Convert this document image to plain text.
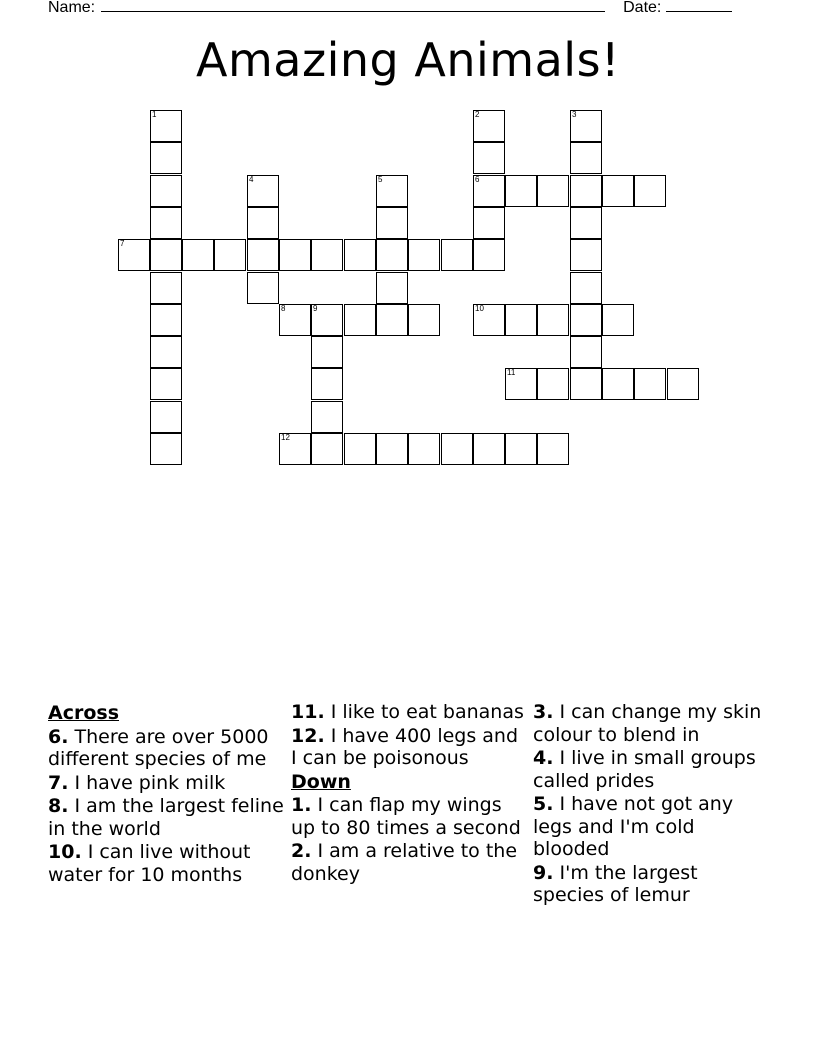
Name:	Date:
Amazing Animals!
1	2
6
3
4	5
7
8	9	10
11
12
Across
6. There are over 5000 different species of me
7. I have pink milk
8. I am the largest feline in the world
10. I can live without water for 10 months
11. I like to eat bananas
12. I have 400 legs and I can be poisonous
Down
1. I can flap my wings up to 80 times a second
2. I am a relative to the donkey
3. I can change my skin colour to blend in
4. I live in small groups called prides
5. I have not got any legs and I'm cold blooded
9. I'm the largest species of lemur
